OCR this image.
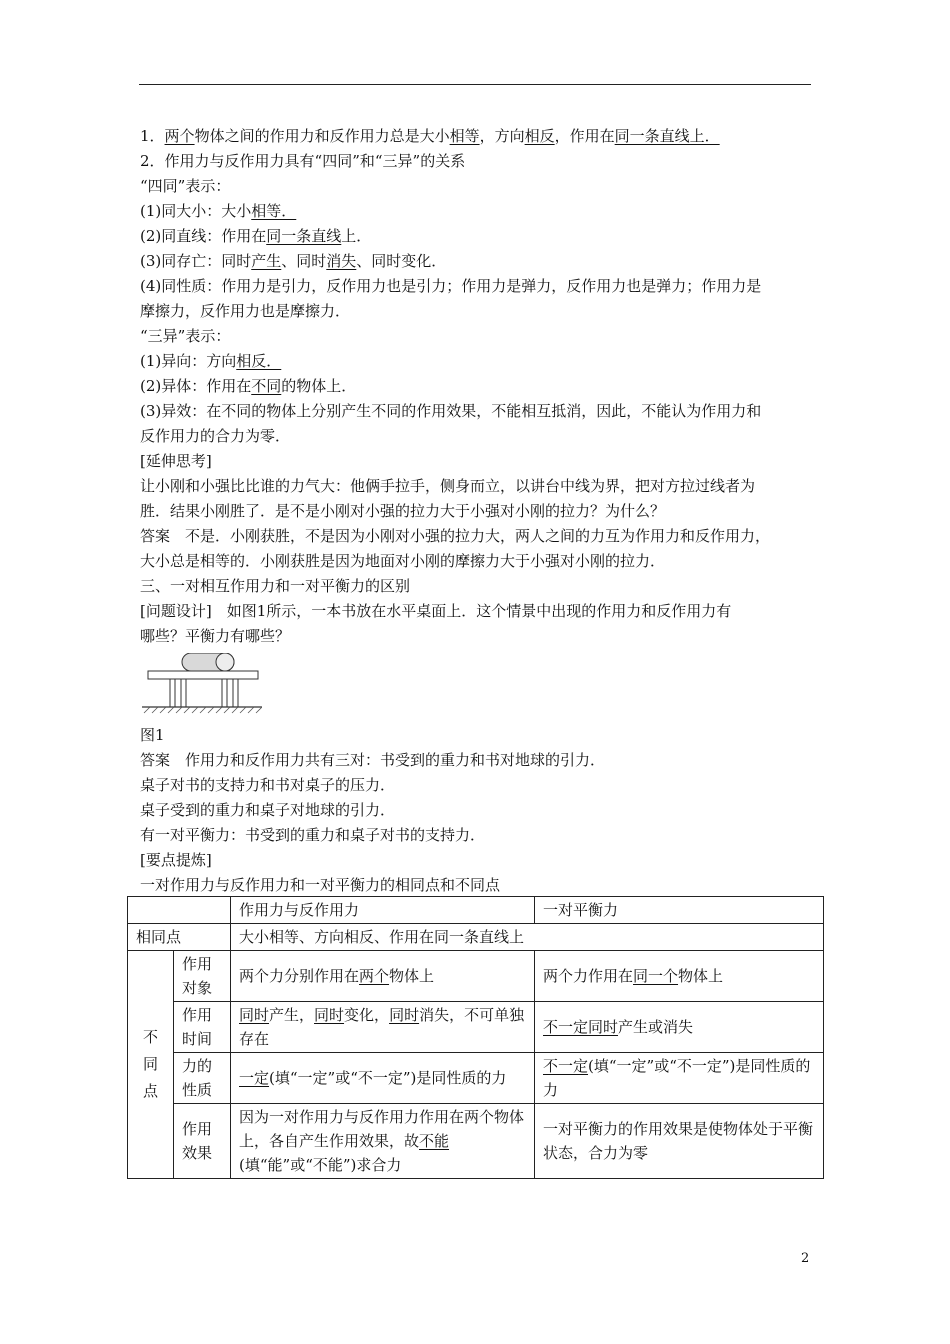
1．两个物体之间的作用力和反作用力总是大小相等，方向相反，作用在同一条直线上．
2．作用力与反作用力具有“四同”和“三异”的关系
“四同”表示：
(1)同大小：大小相等．
(2)同直线：作用在同一条直线上．
(3)同存亡：同时产生、同时消失、同时变化．
(4)同性质：作用力是引力，反作用力也是引力；作用力是弹力，反作用力也是弹力；作用力是
摩擦力，反作用力也是摩擦力．
“三异”表示：
(1)异向：方向相反．
(2)异体：作用在不同的物体上．
(3)异效：在不同的物体上分别产生不同的作用效果，不能相互抵消，因此，不能认为作用力和
反作用力的合力为零．
[延伸思考]
让小刚和小强比比谁的力气大：他俩手拉手，侧身而立，以讲台中线为界，把对方拉过线者为
胜．结果小刚胜了．是不是小刚对小强的拉力大于小强对小刚的拉力？为什么？
答案　不是．小刚获胜，不是因为小刚对小强的拉力大，两人之间的力互为作用力和反作用力，
大小总是相等的．小刚获胜是因为地面对小刚的摩擦力大于小强对小刚的拉力．
三、一对相互作用力和一对平衡力的区别
[问题设计]　如图1所示，一本书放在水平桌面上．这个情景中出现的作用力和反作用力有
哪些？平衡力有哪些？
图1
答案　作用力和反作用力共有三对：书受到的重力和书对地球的引力．
桌子对书的支持力和书对桌子的压力．
桌子受到的重力和桌子对地球的引力．
有一对平衡力：书受到的重力和桌子对书的支持力．
[要点提炼]
一对作用力与反作用力和一对平衡力的相同点和不同点
		作用力与反作用力	一对平衡力
相同点		大小相等、方向相反、作用在同一条直线上	
不同点	作用对象	两个力分别作用在两个物体上	两个力作用在同一个物体上
	作用时间	同时产生，同时变化，同时消失，不可单独存在	不一定同时产生或消失
	力的性质	一定(填“一定”或“不一定”)是同性质的力	不一定(填“一定”或“不一定”)是同性质的力
	作用效果	因为一对作用力与反作用力作用在两个物体上，各自产生作用效果，故不能(填“能”或“不能”)求合力	一对平衡力的作用效果是使物体处于平衡状态，合力为零
2
